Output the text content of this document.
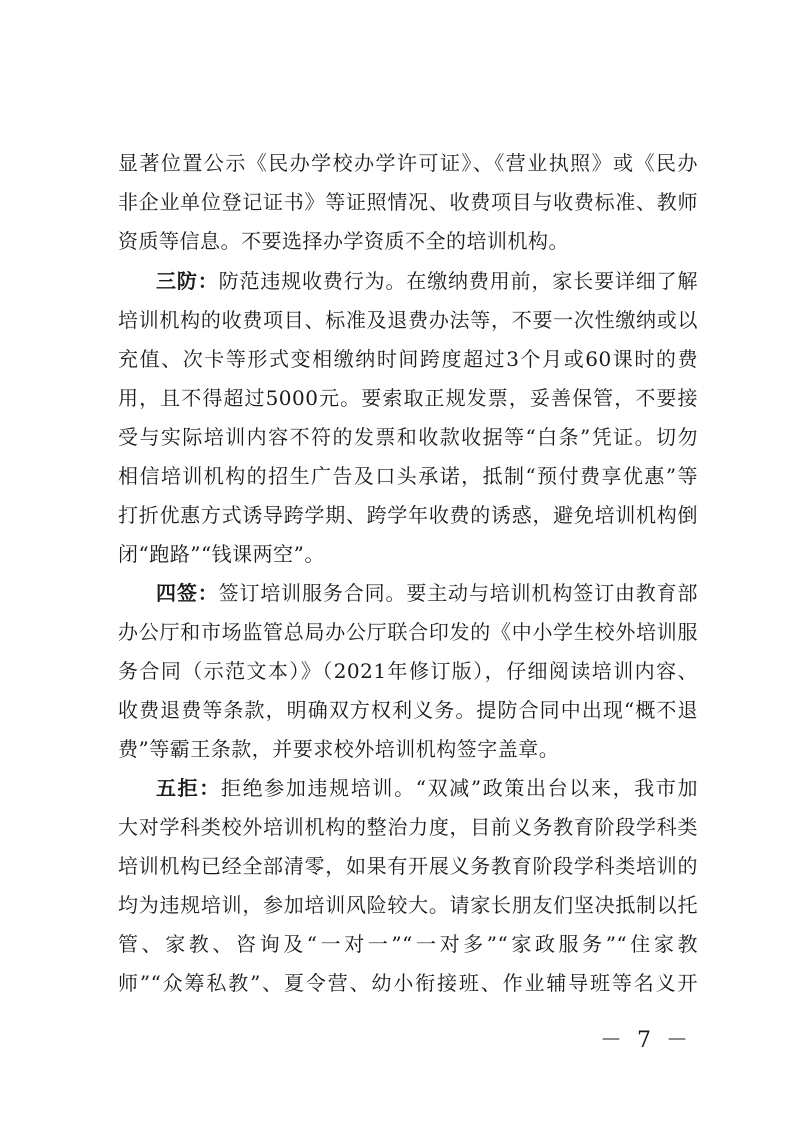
显著位置公示《民办学校办学许可证》、《营业执照》或《民办
非企业单位登记证书》等证照情况、收费项目与收费标准、教师
资质等信息。不要选择办学资质不全的培训机构。
三防：防范违规收费行为。在缴纳费用前，家长要详细了解
培训机构的收费项目、标准及退费办法等，不要一次性缴纳或以
充值、次卡等形式变相缴纳时间跨度超过3个月或60课时的费
用，且不得超过5000元。要索取正规发票，妥善保管，不要接
受与实际培训内容不符的发票和收款收据等“白条”凭证。切勿
相信培训机构的招生广告及口头承诺，抵制“预付费享优惠”等
打折优惠方式诱导跨学期、跨学年收费的诱惑，避免培训机构倒
闭“跑路”“钱课两空”。
四签：签订培训服务合同。要主动与培训机构签订由教育部
办公厅和市场监管总局办公厅联合印发的《中小学生校外培训服
务合同（示范文本）》（2021年修订版），仔细阅读培训内容、
收费退费等条款，明确双方权利义务。提防合同中出现“概不退
费”等霸王条款，并要求校外培训机构签字盖章。
五拒：拒绝参加违规培训。“双减”政策出台以来，我市加
大对学科类校外培训机构的整治力度，目前义务教育阶段学科类
培训机构已经全部清零，如果有开展义务教育阶段学科类培训的
均为违规培训，参加培训风险较大。请家长朋友们坚决抵制以托
管、家教、咨询及“一对一”“一对多”“家政服务”“住家教
师”“众筹私教”、夏令营、幼小衔接班、作业辅导班等名义开
－ 7 －
